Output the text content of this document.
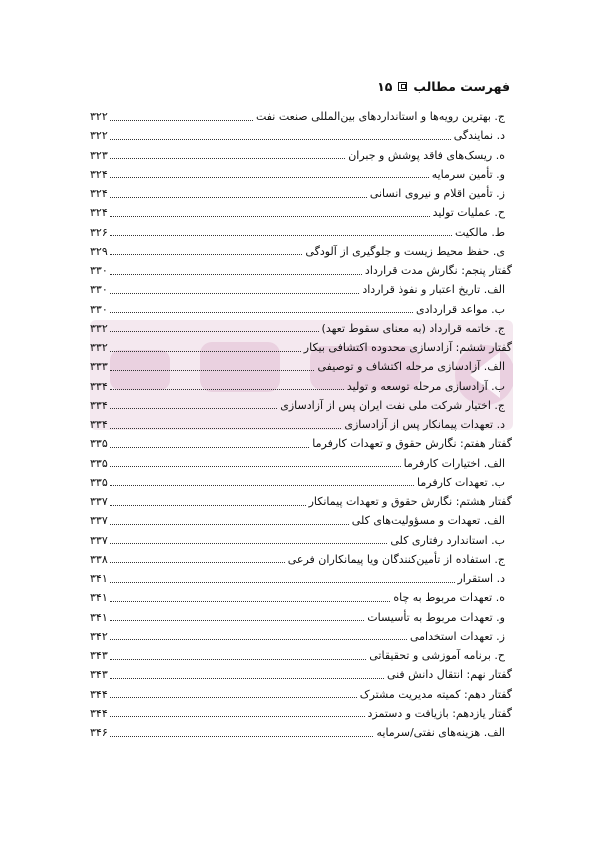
فهرست مطالب
۱۵
ج. بهترین رویه‌ها و استانداردهای بین‌المللی صنعت نفت
۳۲۲
د. نمایندگی
۳۲۲
ه. ریسک‌های فاقد پوشش و جبران
۳۲۳
و. تأمین سرمایه
۳۲۴
ز. تأمین اقلام و نیروی انسانی
۳۲۴
ح. عملیات تولید
۳۲۴
ط. مالکیت
۳۲۶
ی. حفظ محیط زیست و جلوگیری از آلودگی
۳۲۹
گفتار پنجم: نگارش مدت قرارداد
۳۳۰
الف. تاریخ اعتبار و نفوذ قرارداد
۳۳۰
ب. مواعد قراردادی
۳۳۰
ج. خاتمه قرارداد (به معنای سقوط تعهد)
۳۳۲
گفتار ششم: آزادسازی محدوده اکتشافی بیکار
۳۳۲
الف. آزادسازی مرحله اکتشاف و توصیفی
۳۳۳
ب. آزادسازی مرحله توسعه و تولید
۳۳۴
ج. اختیار شرکت ملی نفت ایران پس از آزادسازی
۳۳۴
د. تعهدات پیمانکار پس از آزادسازی
۳۳۴
گفتار هفتم: نگارش حقوق و تعهدات کارفرما
۳۳۵
الف. اختیارات کارفرما
۳۳۵
ب. تعهدات کارفرما
۳۳۵
گفتار هشتم: نگارش حقوق و تعهدات پیمانکار
۳۳۷
الف. تعهدات و مسؤولیت‌های کلی
۳۳۷
ب. استاندارد رفتاری کلی
۳۳۷
ج. استفاده از تأمین‌کنندگان ویا پیمانکاران فرعی
۳۳۸
د. استقرار
۳۴۱
ه. تعهدات مربوط به چاه
۳۴۱
و. تعهدات مربوط به تأسیسات
۳۴۱
ز. تعهدات استخدامی
۳۴۲
ح. برنامه آموزشی و تحقیقاتی
۳۴۳
گفتار نهم: انتقال دانش فنی
۳۴۳
گفتار دهم: کمیته مدیریت مشترک
۳۴۴
گفتار یازدهم: بازیافت و دستمزد
۳۴۴
الف. هزینه‌های نفتی/سرمایه
۳۴۶
